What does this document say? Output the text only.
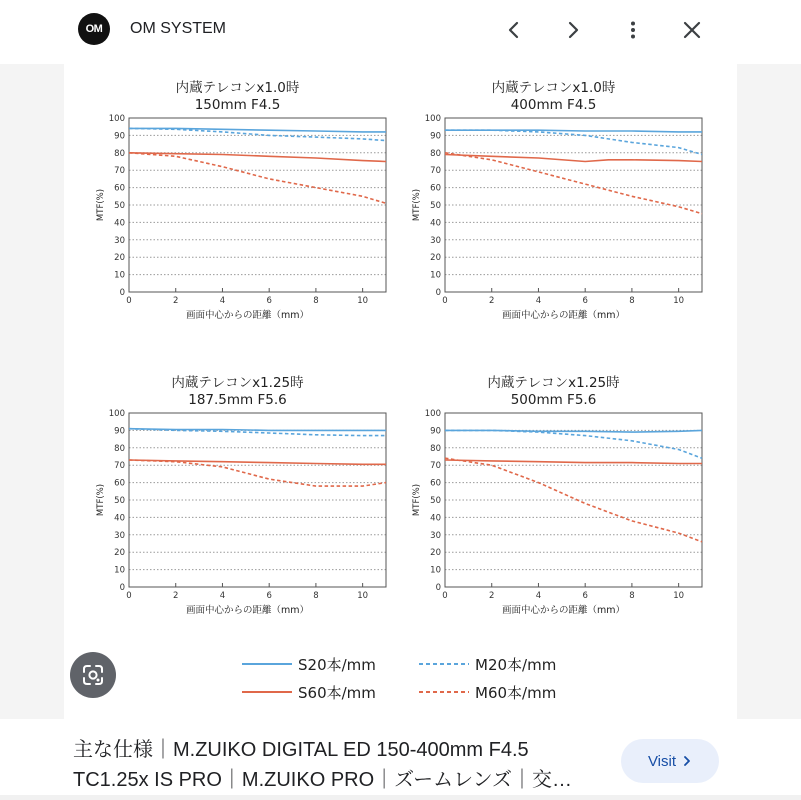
OM	OM SYSTEM
内蔵テレコンx1.0時
150mm F4.5
0
10
20
30
40
50
60
70
80
90
100
0	2	4	6	8	10
画面中心からの距離（mm）
MTF(%)
内蔵テレコンx1.0時
400mm F4.5
0
10
20
30
40
50
60
70
80
90
100
0	2	4	6	8	10
画面中心からの距離（mm）
MTF(%)
内蔵テレコンx1.25時
187.5mm F5.6
0
10
20
30
40
50
60
70
80
90
100
0	2	4	6	8	10
画面中心からの距離（mm）
MTF(%)
内蔵テレコンx1.25時
500mm F5.6
0
10
20
30
40
50
60
70
80
90
100
0	2	4	6	8	10
画面中心からの距離（mm）
MTF(%)
S20本/mm	M20本/mm
S60本/mm	M60本/mm
主な仕様｜M.ZUIKO DIGITAL ED 150-400mm F4.5
TC1.25x IS PRO｜M.ZUIKO PRO｜ズームレンズ｜交…
Visit
